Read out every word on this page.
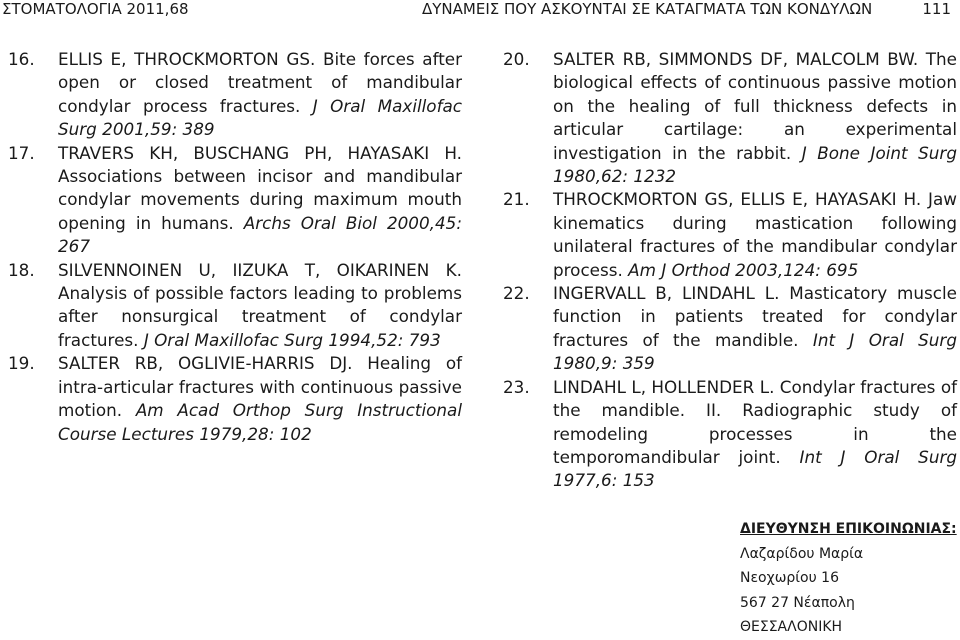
ΣΤΟΜΑΤΟΛΟΓΙΑ 2011,68	ΔΥΝΑΜΕΙΣ ΠΟΥ ΑΣΚΟΥΝΤΑΙ ΣΕ ΚΑΤΑΓΜΑΤΑ ΤΩΝ ΚΟΝΔΥΛΩΝ	111

16. ELLIS E, THROCKMORTON GS. Bite forces after open or closed treatment of mandibular condylar process fractures. J Oral Maxillofac Surg 2001,59: 389

17. TRAVERS KH, BUSCHANG PH, HAYASAKI H. Associations between incisor and mandibular condylar movements during maximum mouth opening in humans. Archs Oral Biol 2000,45: 267

18. SILVENNOINEN U, IIZUKA T, OIKARINEN K. Analysis of possible factors leading to problems after nonsurgical treatment of condylar fractures. J Oral Maxillofac Surg 1994,52: 793

19. SALTER RB, OGLIVIE-HARRIS DJ. Healing of intra-articular fractures with continuous passive motion. Am Acad Orthop Surg Instructional Course Lectures 1979,28: 102

20. SALTER RB, SIMMONDS DF, MALCOLM BW. The biological effects of continuous passive motion on the healing of full thickness defects in articular cartilage: an experimental investigation in the rabbit. J Bone Joint Surg 1980,62: 1232

21. THROCKMORTON GS, ELLIS E, HAYASAKI H. Jaw kinematics during mastication following unilateral fractures of the mandibular condylar process. Am J Orthod 2003,124: 695

22. INGERVALL B, LINDAHL L. Masticatory muscle function in patients treated for condylar fractures of the mandible. Int J Oral Surg 1980,9: 359

23. LINDAHL L, HOLLENDER L. Condylar fractures of the mandible. II. Radiographic study of remodeling processes in the temporomandibular joint. Int J Oral Surg 1977,6: 153

ΔΙΕΥΘΥΝΣΗ ΕΠΙΚΟΙΝΩΝΙΑΣ:
Λαζαρίδου Μαρία
Νεοχωρίου 16
567 27 Νέαπολη
ΘΕΣΣΑΛΟΝΙΚΗ
